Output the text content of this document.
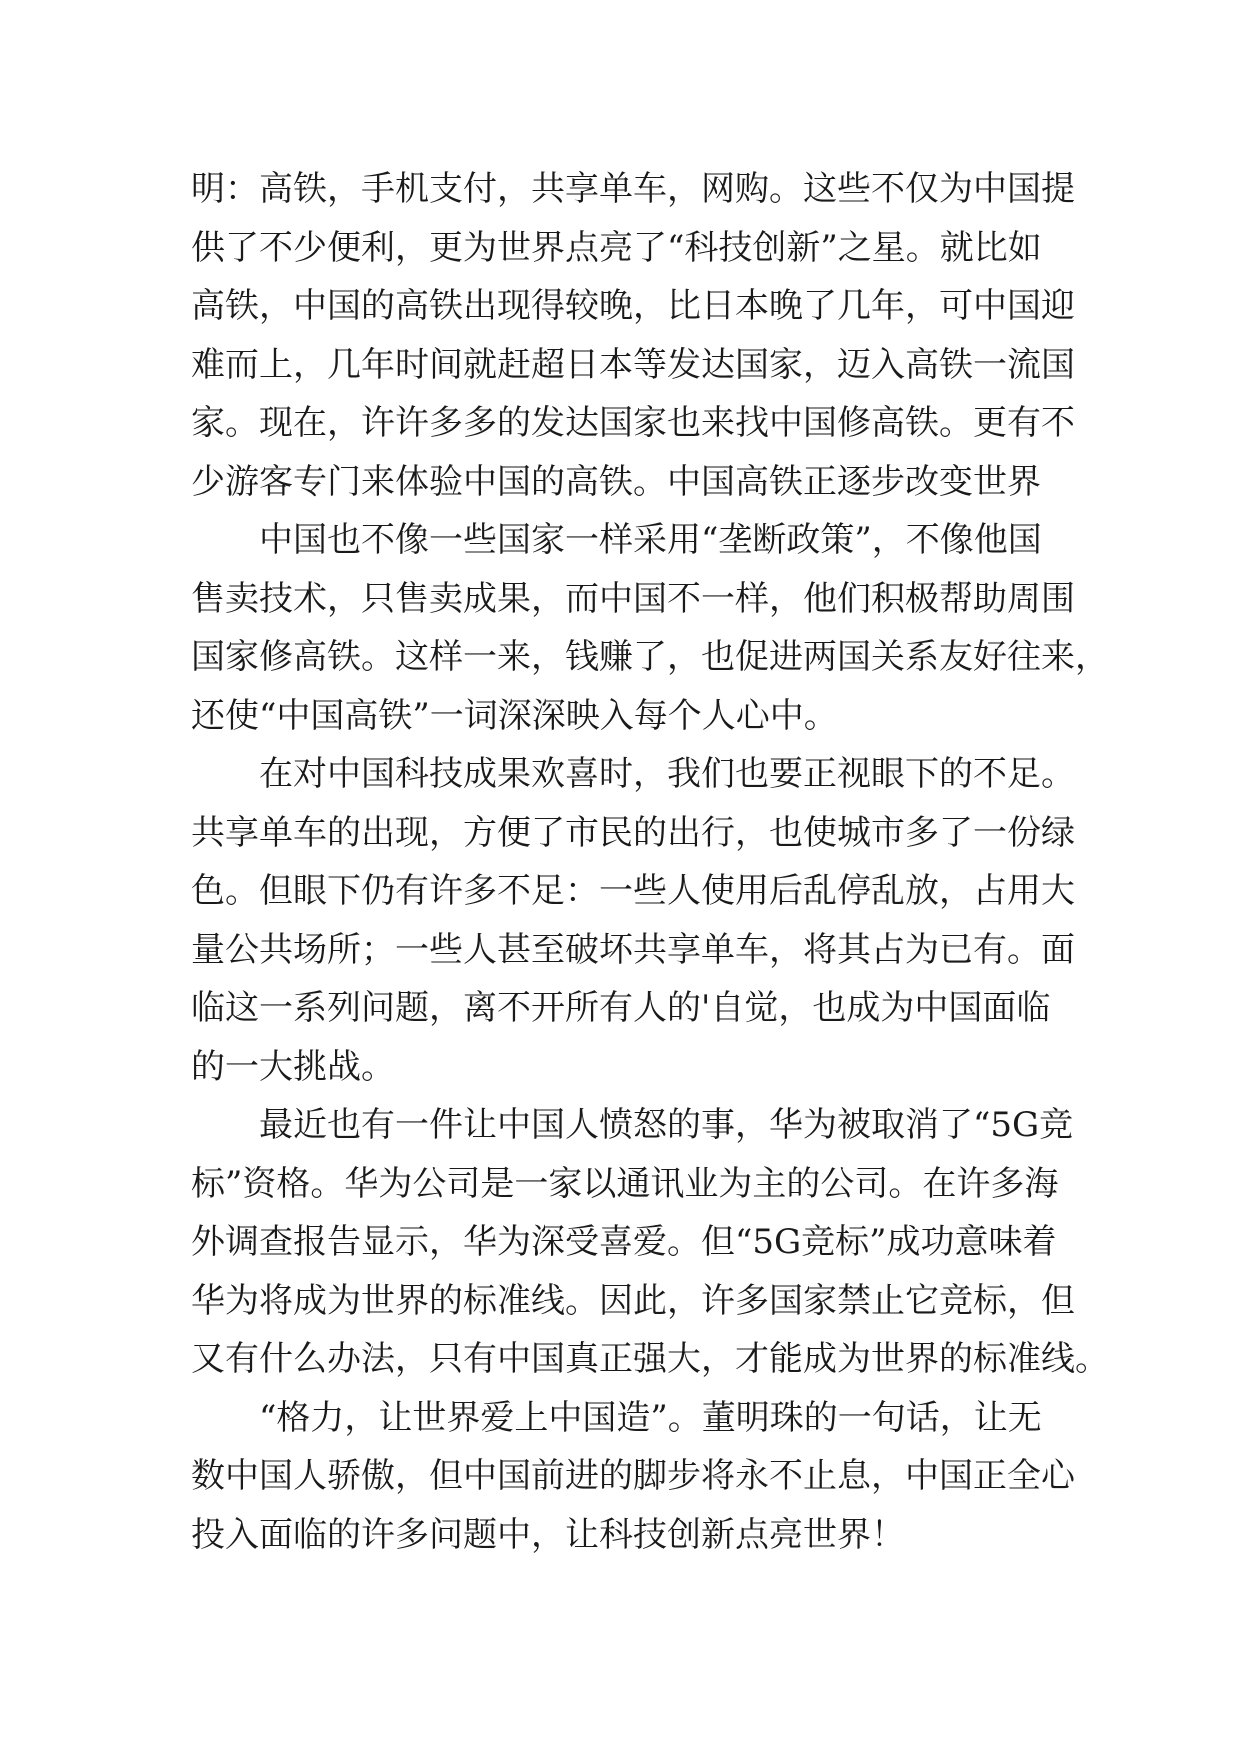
明：高铁，手机支付，共享单车，网购。这些不仅为中国提
供了不少便利，更为世界点亮了“科技创新”之星。就比如
高铁，中国的高铁出现得较晚，比日本晚了几年，可中国迎
难而上，几年时间就赶超日本等发达国家，迈入高铁一流国
家。现在，许许多多的发达国家也来找中国修高铁。更有不
少游客专门来体验中国的高铁。中国高铁正逐步改变世界
　　中国也不像一些国家一样采用“垄断政策”，不像他国
售卖技术，只售卖成果，而中国不一样，他们积极帮助周围
国家修高铁。这样一来，钱赚了，也促进两国关系友好往来，
还使“中国高铁”一词深深映入每个人心中。
　　在对中国科技成果欢喜时，我们也要正视眼下的不足。
共享单车的出现，方便了市民的出行，也使城市多了一份绿
色。但眼下仍有许多不足：一些人使用后乱停乱放，占用大
量公共场所；一些人甚至破坏共享单车，将其占为已有。面
临这一系列问题，离不开所有人的'自觉，也成为中国面临
的一大挑战。
　　最近也有一件让中国人愤怒的事，华为被取消了“5G竞
标”资格。华为公司是一家以通讯业为主的公司。在许多海
外调查报告显示，华为深受喜爱。但“5G竞标”成功意味着
华为将成为世界的标准线。因此，许多国家禁止它竞标，但
又有什么办法，只有中国真正强大，才能成为世界的标准线。
　　“格力，让世界爱上中国造”。董明珠的一句话，让无
数中国人骄傲，但中国前进的脚步将永不止息，中国正全心
投入面临的许多问题中，让科技创新点亮世界！
